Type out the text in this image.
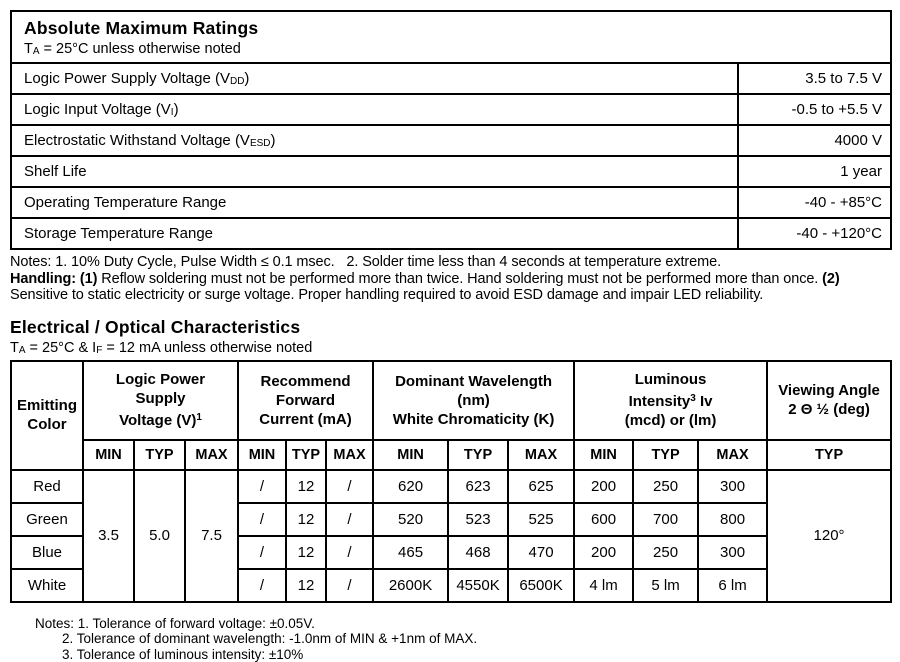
Absolute Maximum Ratings
$T_A = 25^\circ C$ unless otherwise noted	

Logic Power Supply Voltage $(V_{DD})$	3.5 to 7.5 V
Logic Input Voltage $(V_I)$	-0.5 to +5.5 V
Electrostatic Withstand Voltage $(V_{ESD})$	4000 V
Shelf Life	1 year
Operating Temperature Range	-40 - +85°C
Storage Temperature Range	-40 - +120°C
Notes: 1. 10% Duty Cycle, Pulse Width ≤ 0.1 msec.   2. Solder time less than 4 seconds at temperature extreme.
Handling: (1) Reflow soldering must not be performed more than twice. Hand soldering must not be performed more than once. (2) Sensitive to static electricity or surge voltage. Proper handling required to avoid ESD damage and impair LED reliability.
Electrical / Optical Characteristics
$T_A = 25^\circ C$ & $I_F = 12$ mA unless otherwise noted
Emitting
Color

Logic Power
Supply
Voltage $(V)^1$

Recommend
Forward
Current (mA)

Dominant Wavelength
(nm)
White Chromaticity (K)

Luminous
Intensity$^3$ Iv
(mcd) or (lm)

Viewing Angle
2 Θ ½ (deg)

	MIN	TYP	MAX	MIN	TYP	MAX	MIN	TYP	MAX	MIN	TYP	MAX	TYP
Red	3.5	5.0	7.5	/	12	/	620	623	625	200	250	300	120°
Green				/	12	/	520	523	525	600	700	800	
Blue				/	12	/	465	468	470	200	250	300	
White				/	12	/	2600K	4550K	6500K	4 lm	5 lm	6 lm	
Notes: 1. Tolerance of forward voltage: ±0.05V.
2. Tolerance of dominant wavelength: -1.0nm of MIN & +1nm of MAX.
3. Tolerance of luminous intensity: ±10%
